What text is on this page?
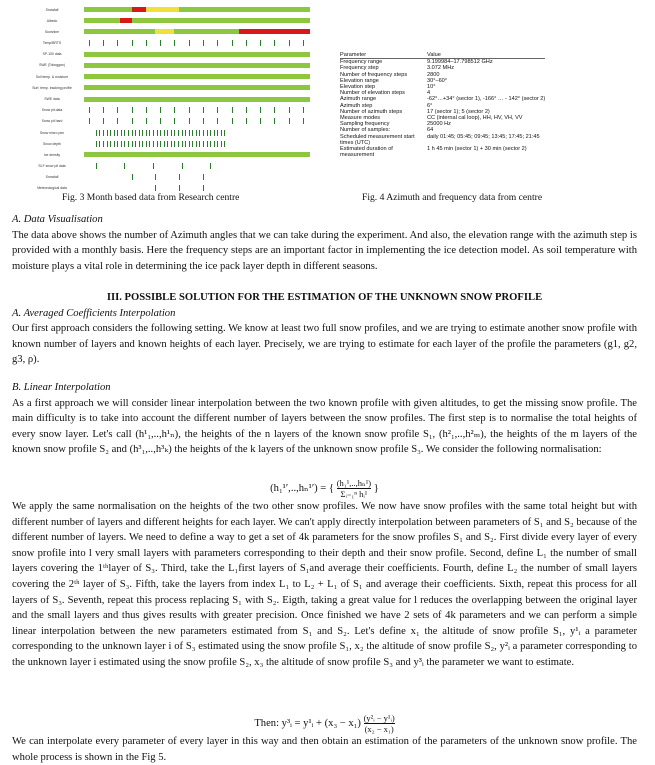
Snowfall
Albedo
Sunshine
Temp/BRTS
SP-100 data
SWE (Toboggan)
Soil temp. & moisture
Surf. temp. tracking profile
SWE data
Snow pit data
Snow pit hard
Snow micro pen
Snow depth
Ice density
SLF snow pit data
Snowfall
Meteorological data
Fig. 3 Month based data from Research centre
Parameter	Value
Frequency range	9.199984–17.798512 GHz
Frequency step	3.072 MHz
Number of frequency steps	2800
Elevation range	30°–60°
Elevation step	10°
Number of elevation steps	4
Azimuth range	-62°…+34° (sector 1), -166° … - 142° (sector 2)
Azimuth step	6°
Number of azimuth steps	17 (sector 1); 5 (sector 2)
Measure modes	CC (internal cal loop), HH, HV, VH, VV
Sampling frequency	25000 Hz
Number of samples:	64
Scheduled measurement start times (UTC)	daily 01:45; 05:45; 09:45; 13:45; 17:45; 21:45
Estimated duration of measurement	1 h 45 min (sector 1) + 30 min (sector 2)
Fig. 4 Azimuth and frequency data from centre

A. Data Visualisation

The data above shows the number of Azimuth angles that we can take during the experiment. And also, the elevation range with the azimuth step is provided with a monthly basis. Here the frequency steps are an important factor in implementing the ice detection model. As soil temperature with moisture plays a vital role in determining the ice pack layer depth in different seasons.

III. POSSIBLE SOLUTION FOR THE ESTIMATION OF THE UNKNOWN SNOW PROFILE

A. Averaged Coefficients Interpolation

Our first approach considers the following setting. We know at least two full snow profiles, and we are trying to estimate another snow profile with known number of layers and known heights of each layer. Precisely, we are trying to estimate for each layer of the profile the parameters (g1, g2, g3, ρ).

B. Linear Interpolation

As a first approach we will consider linear interpolation between the two known profile with given altitudes, to get the missing snow profile. The main difficulty is to take into account the different number of layers between the snow profiles. The first step is to normalise the total heights of every snow layer. Let's call (h¹₁,..,h¹ₙ), the heights of the n layers of the known snow profile S₁, (h²₁,..,h²ₘ), the heights of the m layers of the known snow profile S₂ and (h³₁,..,h³ₖ) the heights of the k layers of the unknown snow profile S₃. We consider the following normalisation:

(h₁¹′,..,hₙ¹′) = { $\frac{\text{(h₁¹,..,hₙ¹)}}{\text{Σᵢ₌₁ⁿ hᵢ¹}}$ }

We apply the same normalisation on the heights of the two other snow profiles. We now have snow profiles with the same total height but with different number of layers and different heights for each layer. We can't apply directly interpolation between parameters of S₁ and S₂ because of the different number of layers. We need to define a way to get a set of 4k parameters for the snow profiles S₁ and S₂. First divide every layer of every snow profile into l very small layers with parameters corresponding to their depth and their snow profile. Second, define L₁ the number of small layers covering the 1ᵗʰlayer of S₃. Third, take the L₁first layers of S₁and average their coefficients. Fourth, define L₂ the number of small layers covering the 2ᵗʰ layer of S₃. Fifth, take the layers from index L₁ to L₂ + L₁ of S₁ and average their coefficients. Sixth, repeat this process for all layers of S₃. Seventh, repeat this process replacing S₁ with S₂. Eigth, taking a great value for l reduces the overlapping between the original layer and the small layers and thus gives results with greater precision. Once finished we have 2 sets of 4k parameters and we can perform a simple linear interpolation between the new parameters estimated from S₁ and S₂. Let's define x₁ the altitude of snow profile S₁, y¹ᵢ a parameter corresponding to the unknown layer i of S₃ estimated using the snow profile S₁, x₂ the altitude of snow profile S₂, y²ᵢ a parameter corresponding to the unknown layer i estimated using the snow profile S₂, x₃ the altitude of snow profile S₃ and y³ᵢ the parameter we want to estimate.

Then: y³ᵢ = y¹ᵢ + $(x_3 - x_1) \frac{\text{(y²ᵢ − y¹ᵢ)}}{\text{(x₂ − x₁)}}$

We can interpolate every parameter of every layer in this way and then obtain an estimation of the parameters of the unknown snow profile. The whole process is shown in the Fig 5.
